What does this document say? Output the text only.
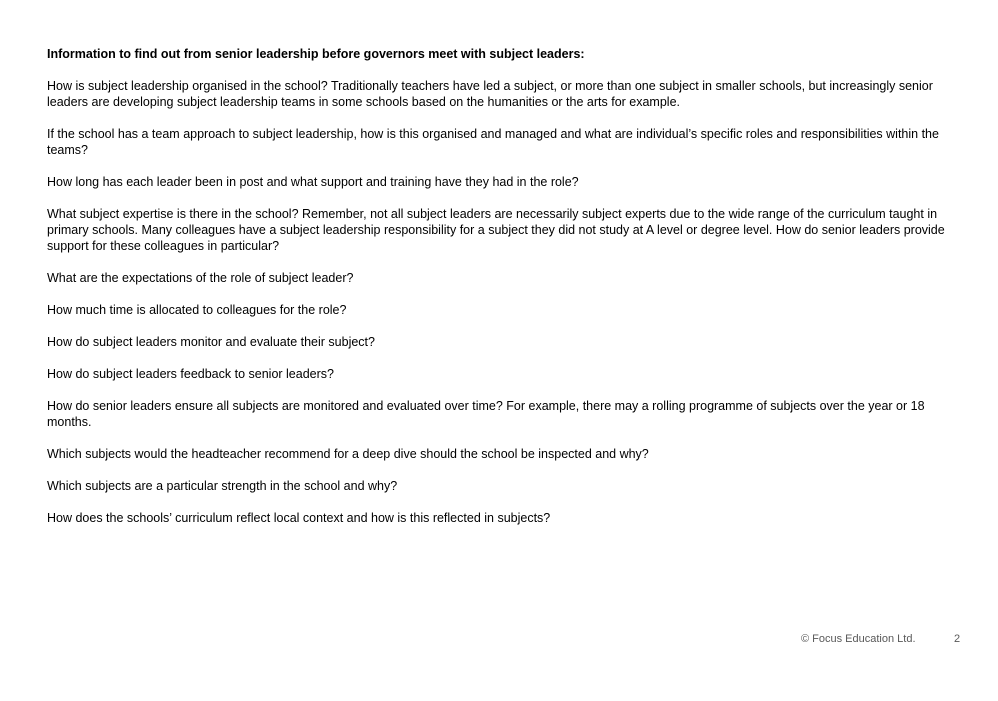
Information to find out from senior leadership before governors meet with subject leaders:

How is subject leadership organised in the school? Traditionally teachers have led a subject, or more than one subject in smaller schools, but increasingly senior leaders are developing subject leadership teams in some schools based on the humanities or the arts for example.

If the school has a team approach to subject leadership, how is this organised and managed and what are individual’s specific roles and responsibilities within the teams?

How long has each leader been in post and what support and training have they had in the role?

What subject expertise is there in the school? Remember, not all subject leaders are necessarily subject experts due to the wide range of the curriculum taught in primary schools. Many colleagues have a subject leadership responsibility for a subject they did not study at A level or degree level. How do senior leaders provide support for these colleagues in particular?

What are the expectations of the role of subject leader?

How much time is allocated to colleagues for the role?

How do subject leaders monitor and evaluate their subject?

How do subject leaders feedback to senior leaders?

How do senior leaders ensure all subjects are monitored and evaluated over time? For example, there may a rolling programme of subjects over the year or 18 months.

Which subjects would the headteacher recommend for a deep dive should the school be inspected and why?

Which subjects are a particular strength in the school and why?

How does the schools’ curriculum reflect local context and how is this reflected in subjects?

© Focus Education Ltd.	2
